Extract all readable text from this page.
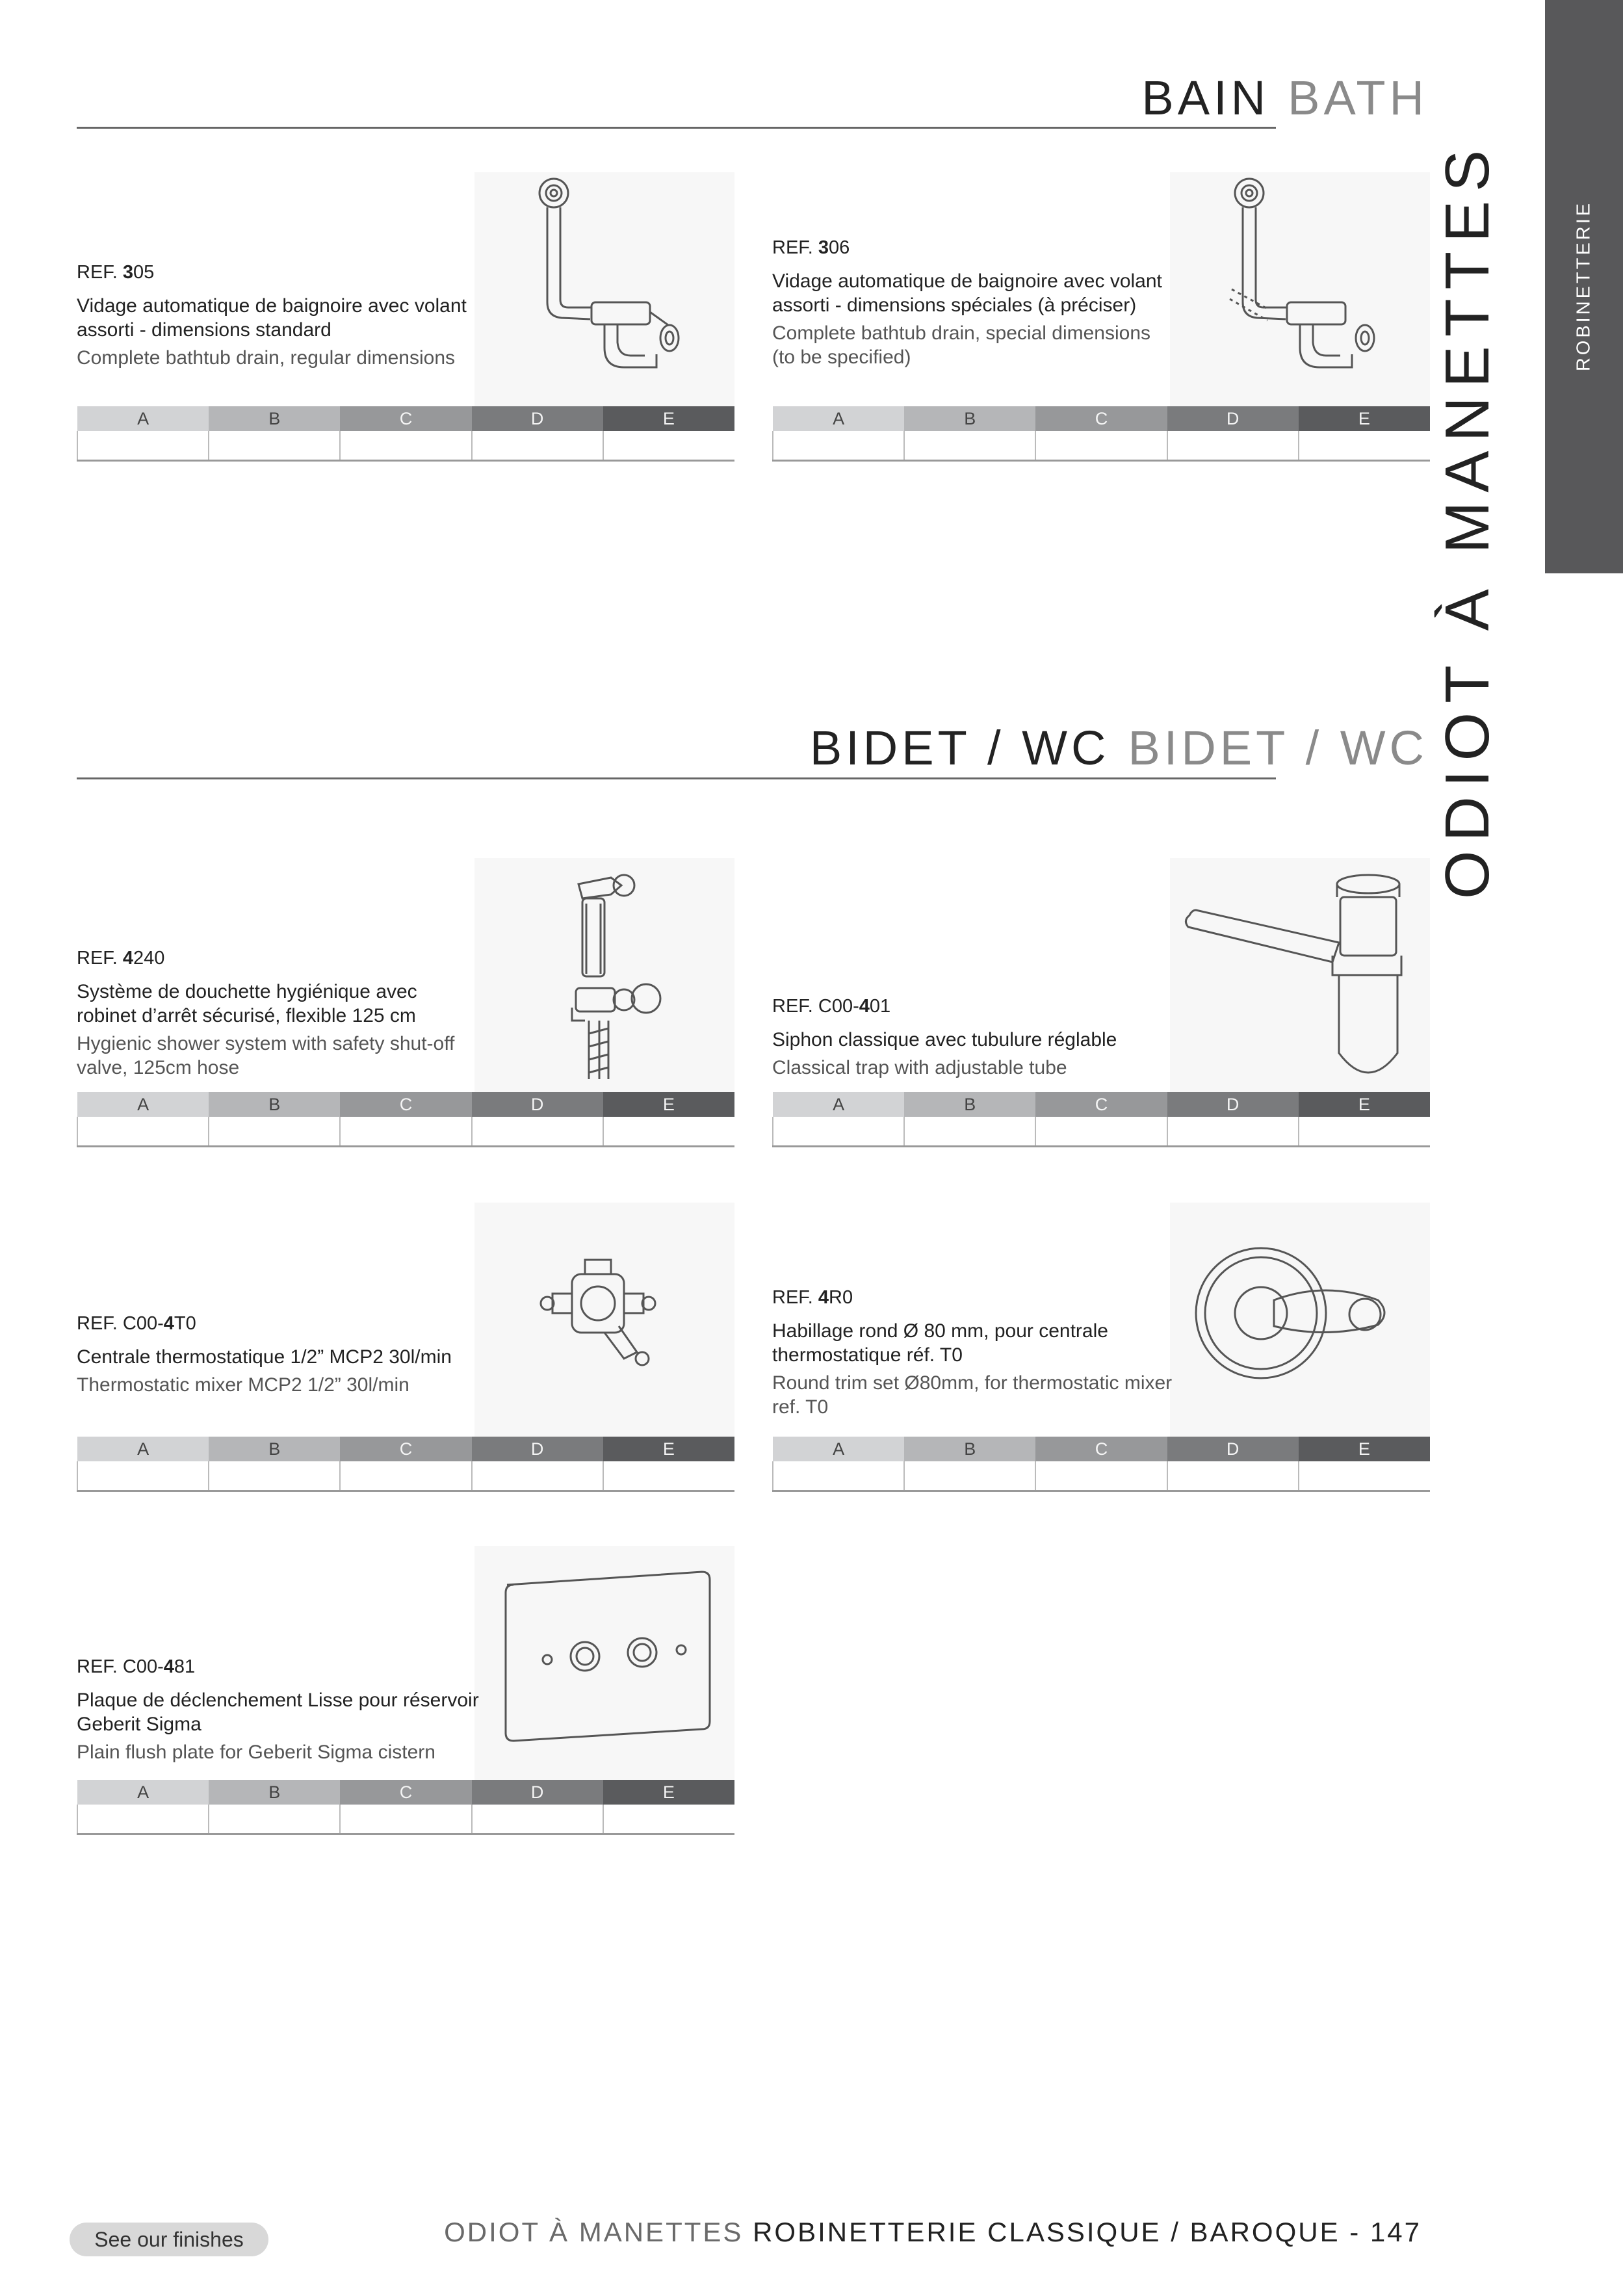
ROBINETTERIE
ODIOT À MANETTES
BAIN BATH
BIDET / WC BIDET / WC
REF. 305
Vidage automatique de baignoire avec volant assorti - dimensions standard
Complete bathtub drain, regular dimensions
A	B	C	D	E

REF. 306
Vidage automatique de baignoire avec volant assorti - dimensions spéciales (à préciser)
Complete bathtub drain, special dimensions (to be specified)
A	B	C	D	E

REF. 4240
Système de douchette hygiénique avec robinet d’arrêt sécurisé, flexible 125 cm
Hygienic shower system with safety shut-off valve, 125cm hose
A	B	C	D	E

REF. C00-401
Siphon classique avec tubulure réglable
Classical trap with adjustable tube
A	B	C	D	E

REF. C00-4T0
Centrale thermostatique 1/2” MCP2 30l/min
Thermostatic mixer MCP2 1/2” 30l/min
A	B	C	D	E

REF. 4R0
Habillage rond Ø 80 mm, pour centrale thermostatique réf. T0
Round trim set Ø80mm, for thermostatic mixer ref. T0
A	B	C	D	E

REF. C00-481
Plaque de déclenchement Lisse pour réservoir Geberit Sigma
Plain flush plate for Geberit Sigma cistern
A	B	C	D	E

See our finishes	ODIOT À MANETTES ROBINETTERIE CLASSIQUE / BAROQUE - 147
